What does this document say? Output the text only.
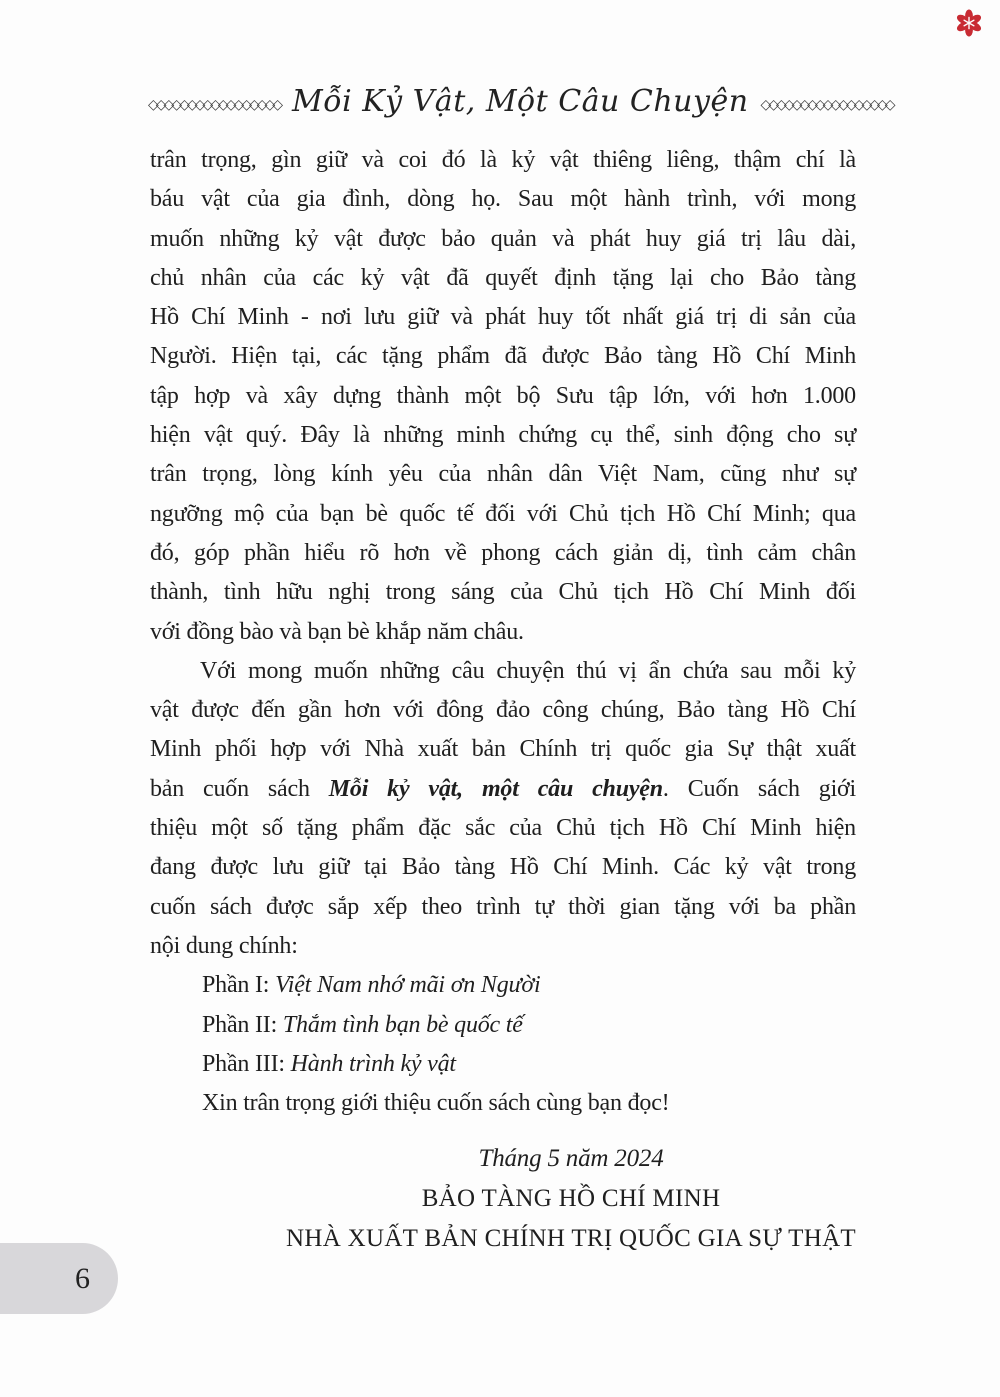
◇◇◇◇◇◇◇◇◇◇◇◇◇◇◇◇◇ Mỗi Kỷ Vật, Một Câu Chuyện ◇◇◇◇◇◇◇◇◇◇◇◇◇◇◇◇◇
trân trọng, gìn giữ và coi đó là kỷ vật thiêng liêng, thậm chí là
báu vật của gia đình, dòng họ. Sau một hành trình, với mong
muốn những kỷ vật được bảo quản và phát huy giá trị lâu dài,
chủ nhân của các kỷ vật đã quyết định tặng lại cho Bảo tàng
Hồ Chí Minh - nơi lưu giữ và phát huy tốt nhất giá trị di sản của
Người. Hiện tại, các tặng phẩm đã được Bảo tàng Hồ Chí Minh
tập hợp và xây dựng thành một bộ Sưu tập lớn, với hơn 1.000
hiện vật quý. Đây là những minh chứng cụ thể, sinh động cho sự
trân trọng, lòng kính yêu của nhân dân Việt Nam, cũng như sự
ngưỡng mộ của bạn bè quốc tế đối với Chủ tịch Hồ Chí Minh; qua
đó, góp phần hiểu rõ hơn về phong cách giản dị, tình cảm chân
thành, tình hữu nghị trong sáng của Chủ tịch Hồ Chí Minh đối
với đồng bào và bạn bè khắp năm châu.
Với mong muốn những câu chuyện thú vị ẩn chứa sau mỗi kỷ
vật được đến gần hơn với đông đảo công chúng, Bảo tàng Hồ Chí
Minh phối hợp với Nhà xuất bản Chính trị quốc gia Sự thật xuất
bản cuốn sách Mỗi kỷ vật, một câu chuyện. Cuốn sách giới
thiệu một số tặng phẩm đặc sắc của Chủ tịch Hồ Chí Minh hiện
đang được lưu giữ tại Bảo tàng Hồ Chí Minh. Các kỷ vật trong
cuốn sách được sắp xếp theo trình tự thời gian tặng với ba phần
nội dung chính:
Phần I: Việt Nam nhớ mãi ơn Người
Phần II: Thắm tình bạn bè quốc tế
Phần III: Hành trình kỷ vật
Xin trân trọng giới thiệu cuốn sách cùng bạn đọc!
Tháng 5 năm 2024
BẢO TÀNG HỒ CHÍ MINH
NHÀ XUẤT BẢN CHÍNH TRỊ QUỐC GIA SỰ THẬT
6
